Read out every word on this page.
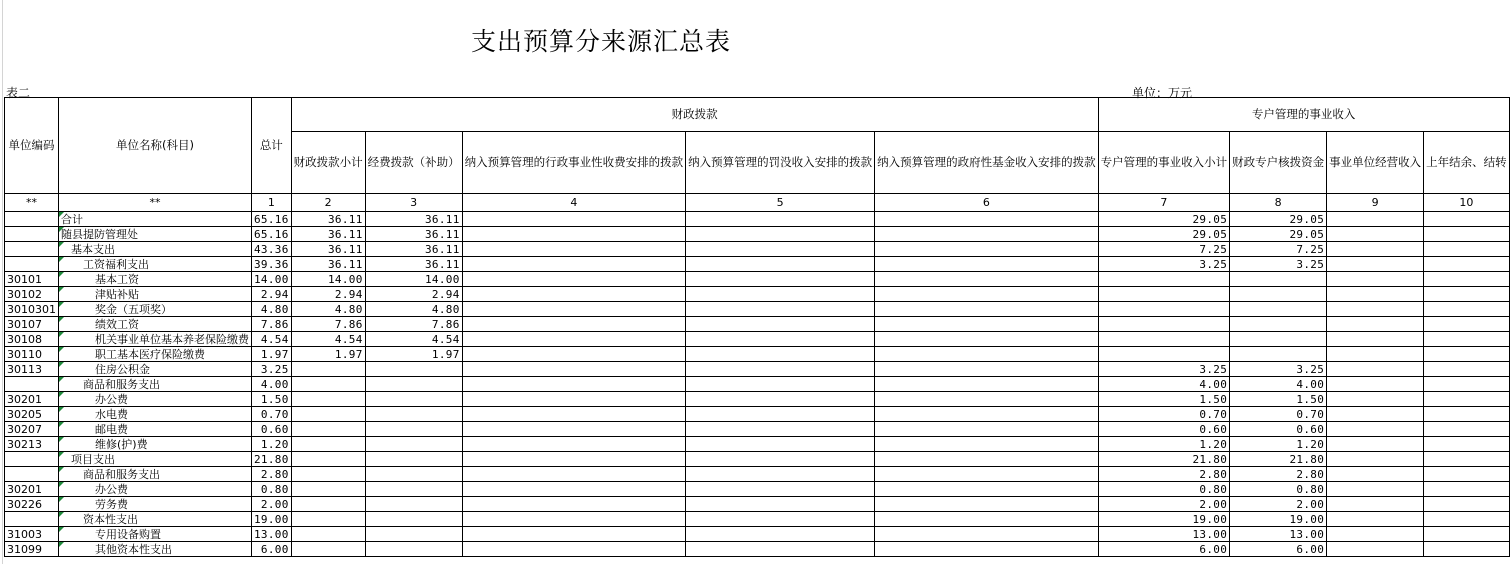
支出预算分来源汇总表
表二	单位：万元
单位编码	单位名称(科目)	总计	财政拨款					专户管理的事业收入			
			财政拨款小计	经费拨款（补助）	纳入预算管理的行政事业性收费安排的拨款	纳入预算管理的罚没收入安排的拨款	纳入预算管理的政府性基金收入安排的拨款	专户管理的事业收入小计	财政专户核拨资金	事业单位经营收入	上年结余、结转
**	**	1	2	3	4	5	6	7	8	9	10
	合计	65.16	36.11	36.11				29.05	29.05		
	随县提防管理处	65.16	36.11	36.11				29.05	29.05		
	基本支出	43.36	36.11	36.11				7.25	7.25		
	工资福利支出	39.36	36.11	36.11				3.25	3.25		
30101	基本工资	14.00	14.00	14.00							
30102	津贴补贴	2.94	2.94	2.94							
3010301	奖金（五项奖）	4.80	4.80	4.80							
30107	绩效工资	7.86	7.86	7.86							
30108	机关事业单位基本养老保险缴费	4.54	4.54	4.54							
30110	职工基本医疗保险缴费	1.97	1.97	1.97							
30113	住房公积金	3.25						3.25	3.25		
	商品和服务支出	4.00						4.00	4.00		
30201	办公费	1.50						1.50	1.50		
30205	水电费	0.70						0.70	0.70		
30207	邮电费	0.60						0.60	0.60		
30213	维修(护)费	1.20						1.20	1.20		
	项目支出	21.80						21.80	21.80		
	商品和服务支出	2.80						2.80	2.80		
30201	办公费	0.80						0.80	0.80		
30226	劳务费	2.00						2.00	2.00		
	资本性支出	19.00						19.00	19.00		
31003	专用设备购置	13.00						13.00	13.00		
31099	其他资本性支出	6.00						6.00	6.00		
